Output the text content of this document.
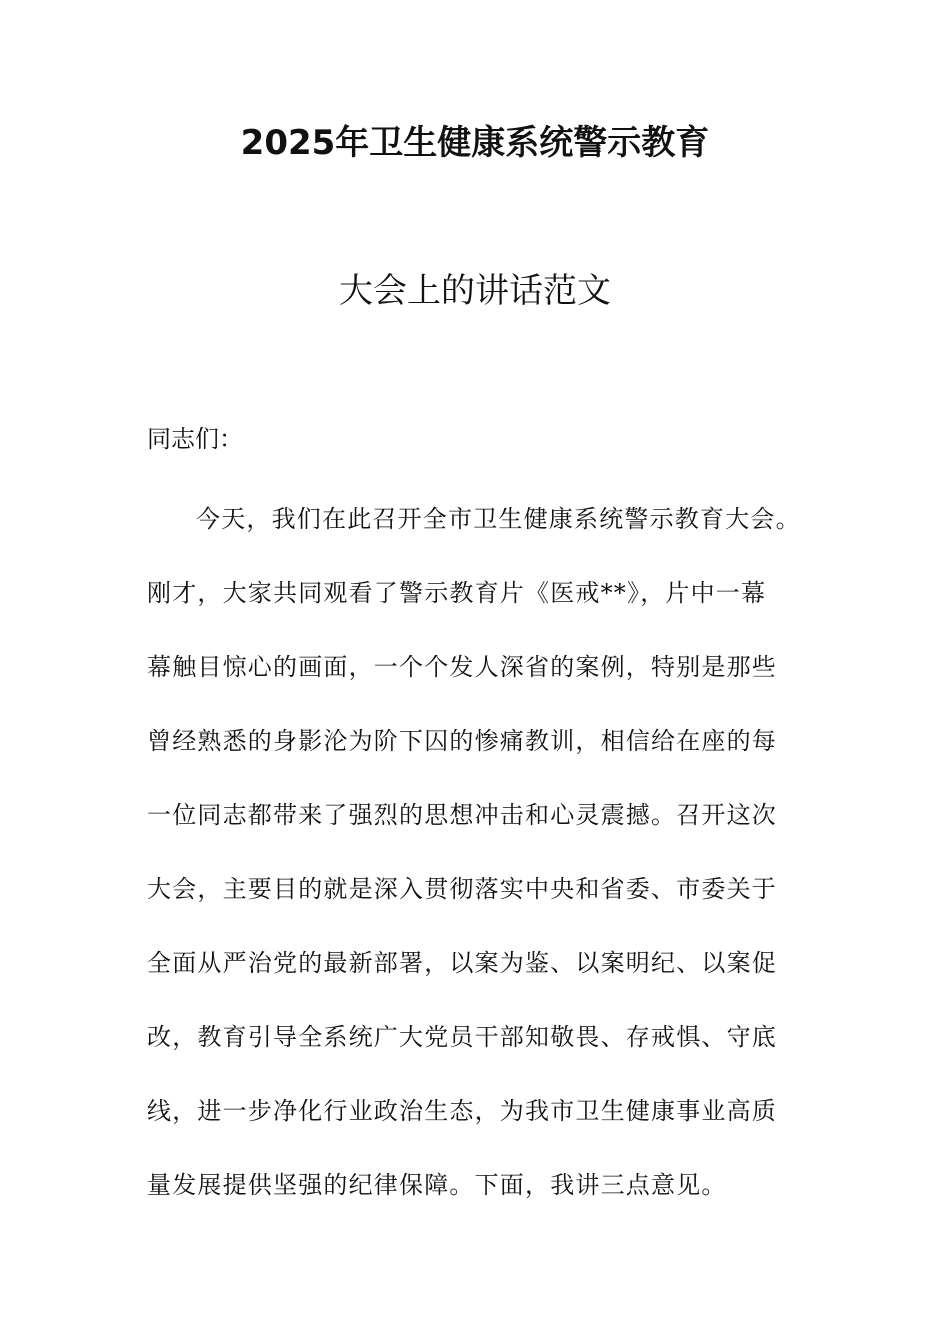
2025年卫生健康系统警示教育
大会上的讲话范文
同志们：
今天，我们在此召开全市卫生健康系统警示教育大会。
刚才，大家共同观看了警示教育片《医戒**》，片中一幕
幕触目惊心的画面，一个个发人深省的案例，特别是那些
曾经熟悉的身影沦为阶下囚的惨痛教训，相信给在座的每
一位同志都带来了强烈的思想冲击和心灵震撼。召开这次
大会，主要目的就是深入贯彻落实中央和省委、市委关于
全面从严治党的最新部署，以案为鉴、以案明纪、以案促
改，教育引导全系统广大党员干部知敬畏、存戒惧、守底
线，进一步净化行业政治生态，为我市卫生健康事业高质
量发展提供坚强的纪律保障。下面，我讲三点意见。
